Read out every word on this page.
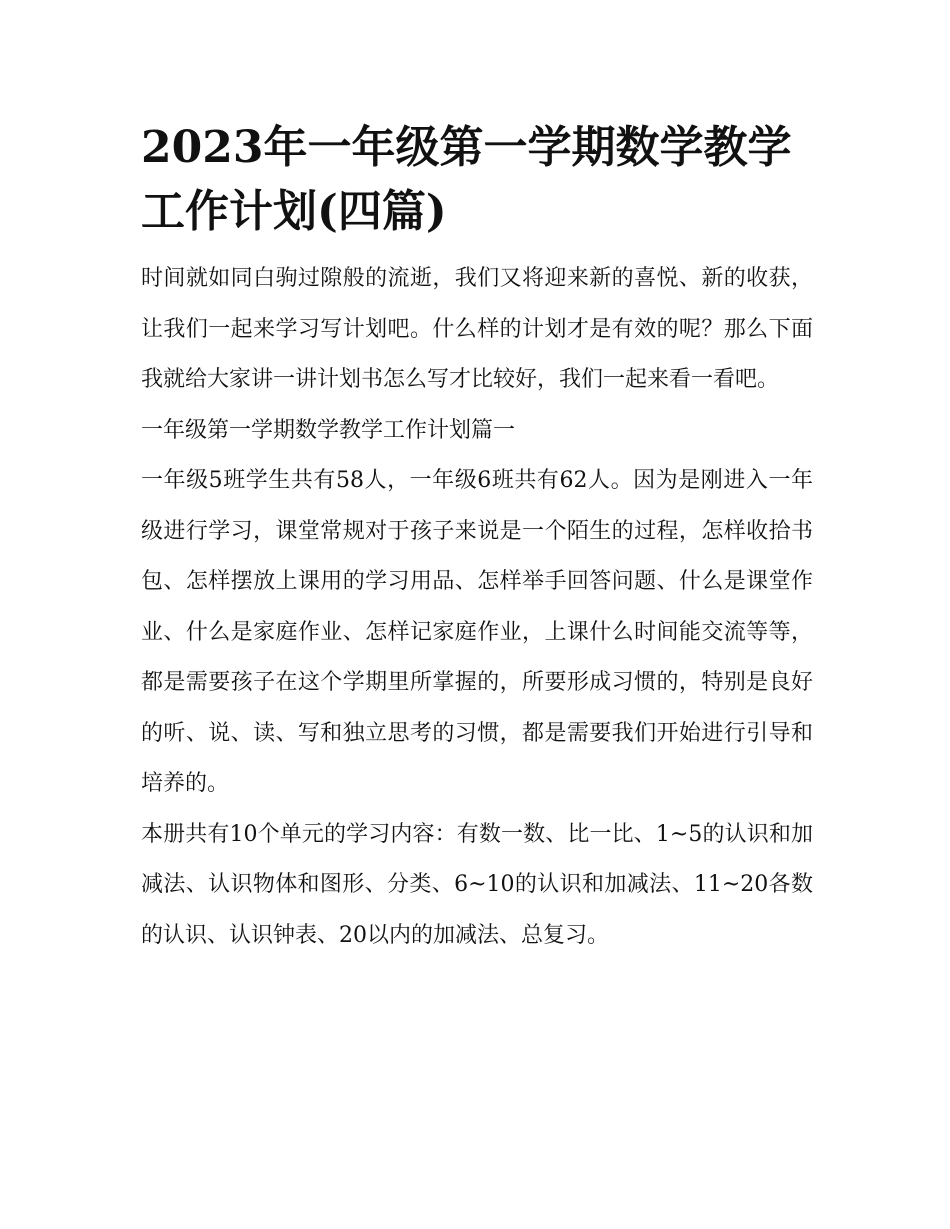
2023年一年级第一学期数学教学工作计划(四篇)

时间就如同白驹过隙般的流逝，我们又将迎来新的喜悦、新的收获，让我们一起来学习写计划吧。什么样的计划才是有效的呢？那么下面我就给大家讲一讲计划书怎么写才比较好，我们一起来看一看吧。

一年级第一学期数学教学工作计划篇一

一年级5班学生共有58人，一年级6班共有62人。因为是刚进入一年级进行学习，课堂常规对于孩子来说是一个陌生的过程，怎样收拾书包、怎样摆放上课用的学习用品、怎样举手回答问题、什么是课堂作业、什么是家庭作业、怎样记家庭作业，上课什么时间能交流等等，都是需要孩子在这个学期里所掌握的，所要形成习惯的，特别是良好的听、说、读、写和独立思考的习惯，都是需要我们开始进行引导和培养的。

本册共有10个单元的学习内容：有数一数、比一比、1~5的认识和加减法、认识物体和图形、分类、6~10的认识和加减法、11~20各数的认识、认识钟表、20以内的加减法、总复习。
